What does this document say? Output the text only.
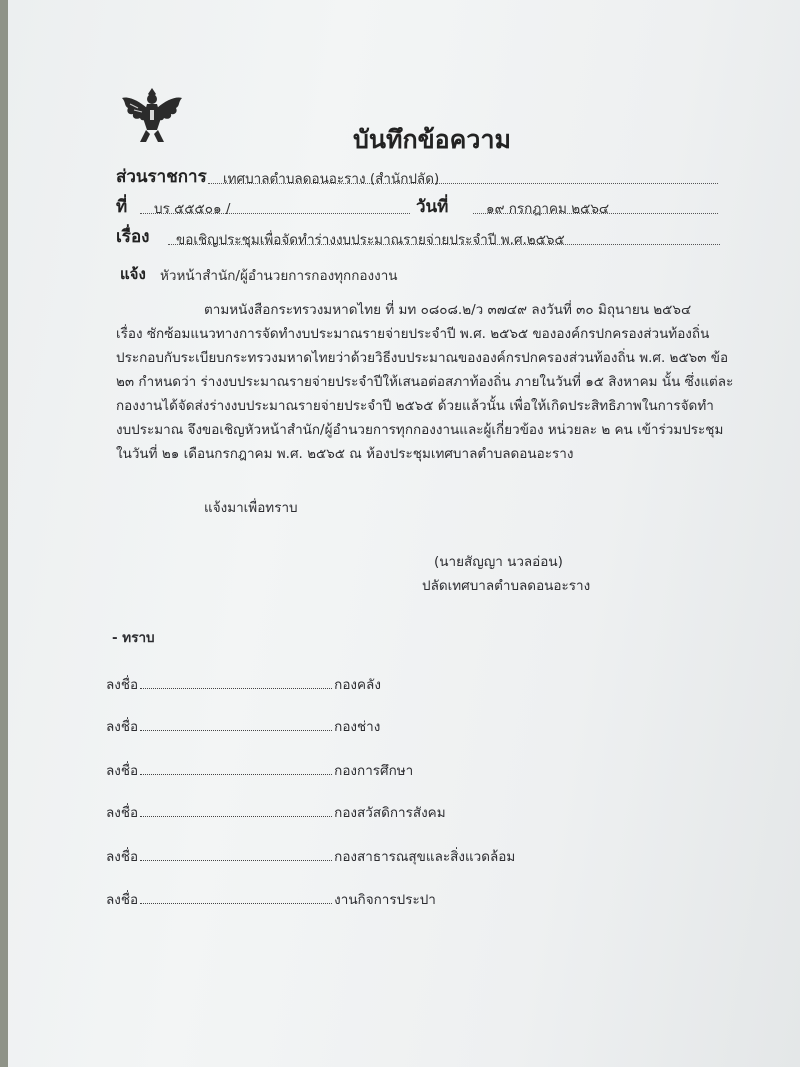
บันทึกข้อความ
ส่วนราชการ เทศบาลตำบลดอนอะราง (สำนักปลัด)
ที่ บร ๕๕๕๐๑ /	วันที่	๑๙ กรกฎาคม ๒๕๖๔
เรื่อง ขอเชิญประชุมเพื่อจัดทำร่างงบประมาณรายจ่ายประจำปี พ.ศ.๒๕๖๕
แจ้ง หัวหน้าสำนัก/ผู้อำนวยการกองทุกกองงาน
ตามหนังสือกระทรวงมหาดไทย ที่ มท ๐๘๐๘.๒/ว ๓๗๔๙ ลงวันที่ ๓๐ มิถุนายน ๒๕๖๔
เรื่อง ซักซ้อมแนวทางการจัดทำงบประมาณรายจ่ายประจำปี พ.ศ. ๒๕๖๕ ขององค์กรปกครองส่วนท้องถิ่น
ประกอบกับระเบียบกระทรวงมหาดไทยว่าด้วยวิธีงบประมาณขององค์กรปกครองส่วนท้องถิ่น พ.ศ. ๒๕๖๓ ข้อ
๒๓ กำหนดว่า ร่างงบประมาณรายจ่ายประจำปีให้เสนอต่อสภาท้องถิ่น ภายในวันที่ ๑๕ สิงหาคม นั้น ซึ่งแต่ละ
กองงานได้จัดส่งร่างงบประมาณรายจ่ายประจำปี ๒๕๖๕ ด้วยแล้วนั้น เพื่อให้เกิดประสิทธิภาพในการจัดทำ
งบประมาณ จึงขอเชิญหัวหน้าสำนัก/ผู้อำนวยการทุกกองงานและผู้เกี่ยวข้อง หน่วยละ ๒ คน เข้าร่วมประชุม
ในวันที่ ๒๑ เดือนกรกฎาคม พ.ศ. ๒๕๖๕ ณ ห้องประชุมเทศบาลตำบลดอนอะราง
แจ้งมาเพื่อทราบ
(นายสัญญา นวลอ่อน)
ปลัดเทศบาลตำบลดอนอะราง
- ทราบ
ลงชื่อ	กองคลัง
ลงชื่อ	กองช่าง
ลงชื่อ	กองการศึกษา
ลงชื่อ	กองสวัสดิการสังคม
ลงชื่อ	กองสาธารณสุขและสิ่งแวดล้อม
ลงชื่อ	งานกิจการประปา
